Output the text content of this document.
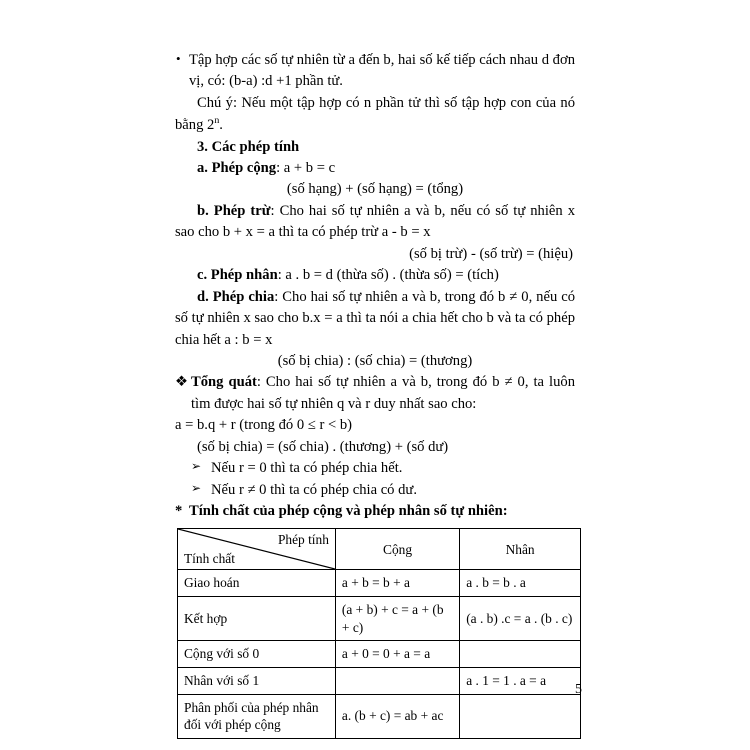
• Tập hợp các số tự nhiên từ a đến b, hai số kế tiếp cách nhau d đơn vị, có: (b-a) :d +1 phần tử.

Chú ý: Nếu một tập hợp có n phần tử thì số tập hợp con của nó bằng 2$^n$.

3. Các phép tính

a. Phép cộng: a + b = c

(số hạng) + (số hạng) = (tổng)

b. Phép trừ: Cho hai số tự nhiên a và b, nếu có số tự nhiên x sao cho b + x = a thì ta có phép trừ a - b = x

(số bị trừ) - (số trừ) = (hiệu)

c. Phép nhân: a . b = d (thừa số) . (thừa số) = (tích)

d. Phép chia: Cho hai số tự nhiên a và b, trong đó b ≠ 0, nếu có số tự nhiên x sao cho b.x = a thì ta nói a chia hết cho b và ta có phép chia hết a : b = x

(số bị chia) : (số chia) = (thương)

❖ Tổng quát: Cho hai số tự nhiên a và b, trong đó b ≠ 0, ta luôn tìm được hai số tự nhiên q và r duy nhất sao cho:

a = b.q + r (trong đó 0 ≤ r < b)

(số bị chia) = (số chia) . (thương) + (số dư)

➢ Nếu r = 0 thì ta có phép chia hết.

➢ Nếu r ≠ 0 thì ta có phép chia có dư.

* Tính chất của phép cộng và phép nhân số tự nhiên:

Phép tính
Tính chất	Cộng	Nhân
Giao hoán	a + b = b + a	a . b = b . a
Kết hợp	(a + b) + c = a + (b + c)	(a . b) .c = a . (b . c)
Cộng với số 0	a + 0 = 0 + a = a	
Nhân với số 1		a . 1 = 1 . a = a
Phân phối của phép nhân đối với phép cộng	a. (b + c) = ab + ac	
5
